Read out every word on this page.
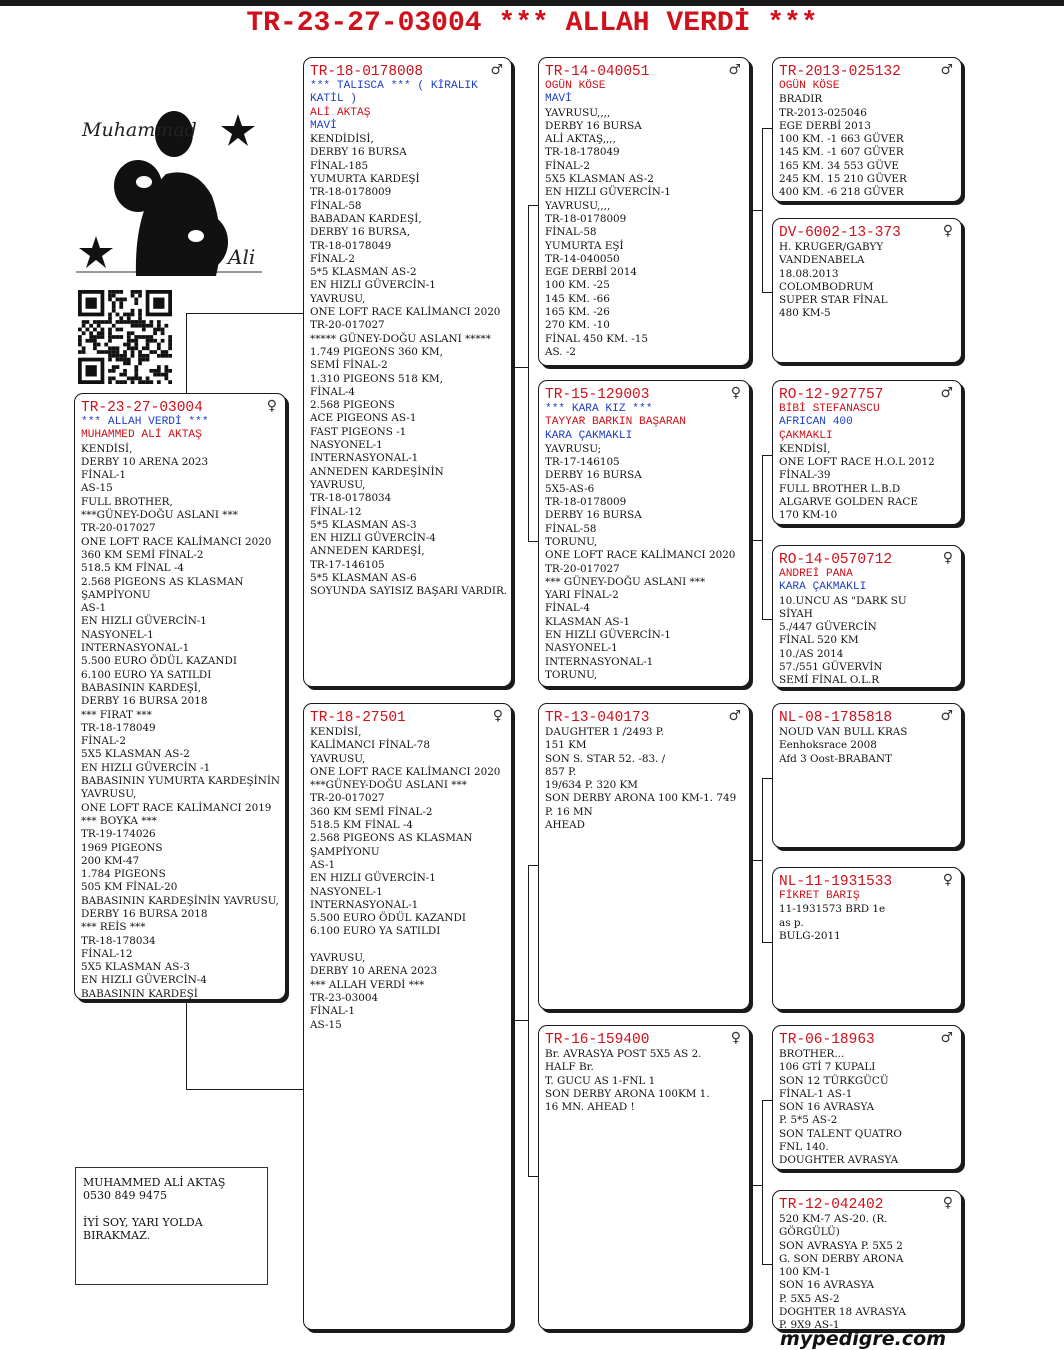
TR-23-27-03004 *** ALLAH VERDİ ***
Muhammad
Ali
TR-23-27-03004	♀
*** ALLAH VERDİ ***
MUHAMMED ALİ AKTAŞ
KENDİSİ,
DERBY 10 ARENA 2023
FİNAL-1
AS-15
FULL BROTHER,
***GÜNEY-DOĞU ASLANI ***
TR-20-017027
ONE LOFT RACE KALİMANCI 2020
360 KM SEMİ FİNAL-2
518.5 KM FİNAL -4
2.568 PIGEONS AS KLASMAN
ŞAMPİYONU
AS-1
EN HIZLI GÜVERCİN-1
NASYONEL-1
INTERNASYONAL-1
5.500 EURO ÖDÜL KAZANDI
6.100 EURO YA SATILDI
BABASININ KARDEŞİ,
DERBY 16 BURSA 2018
*** FIRAT ***
TR-18-178049
FİNAL-2
5X5 KLASMAN AS-2
EN HIZLI GÜVERCİN -1
BABASININ YUMURTA KARDEŞİNİN
YAVRUSU,
ONE LOFT RACE KALİMANCI 2019
*** BOYKA ***
TR-19-174026
1969 PIGEONS
200 KM-47
1.784 PIGEONS
505 KM FİNAL-20
BABASININ KARDEŞİNİN YAVRUSU,
DERBY 16 BURSA 2018
*** REİS ***
TR-18-178034
FİNAL-12
5X5 KLASMAN AS-3
EN HIZLI GÜVERCİN-4
BABASININ KARDEŞİ
TR-18-0178008	♂
*** TALISCA *** ( KİRALIK
KATİL )
ALİ AKTAŞ
MAVİ
KENDİDİSİ,
DERBY 16 BURSA
FİNAL-185
YUMURTA KARDEŞİ
TR-18-0178009
FİNAL-58
BABADAN KARDEŞİ,
DERBY 16 BURSA,
TR-18-0178049
FİNAL-2
5*5 KLASMAN AS-2
EN HIZLI GÜVERCİN-1
YAVRUSU,
ONE LOFT RACE KALİMANCI 2020
TR-20-017027
***** GÜNEY-DOĞU ASLANI *****
1.749 PIGEONS 360 KM,
SEMİ FİNAL-2
1.310 PIGEONS 518 KM,
FİNAL-4
2.568 PIGEONS
ACE PIGEONS AS-1
FAST PIGEONS -1
NASYONEL-1
INTERNASYONAL-1
ANNEDEN KARDEŞİNİN
YAVRUSU,
TR-18-0178034
FİNAL-12
5*5 KLASMAN AS-3
EN HIZLI GÜVERCİN-4
ANNEDEN KARDEŞİ,
TR-17-146105
5*5 KLASMAN AS-6
SOYUNDA SAYISIZ BAŞARI VARDIR.
TR-18-27501	♀
KENDİSİ,
KALİMANCI FİNAL-78
YAVRUSU,
ONE LOFT RACE KALİMANCI 2020
***GÜNEY-DOĞU ASLANI ***
TR-20-017027
360 KM SEMİ FİNAL-2
518.5 KM FİNAL -4
2.568 PIGEONS AS KLASMAN
ŞAMPİYONU
AS-1
EN HIZLI GÜVERCİN-1
NASYONEL-1
INTERNASYONAL-1
5.500 EURO ÖDÜL KAZANDI
6.100 EURO YA SATILDI

YAVRUSU,
DERBY 10 ARENA 2023
*** ALLAH VERDİ ***
TR-23-03004
FİNAL-1
AS-15
TR-14-040051	♂
OGÜN KÖSE
MAVİ
YAVRUSU,,,,
DERBY 16 BURSA
ALİ AKTAŞ,,,,
TR-18-178049
FİNAL-2
5X5 KLASMAN AS-2
EN HIZLI GÜVERCİN-1
YAVRUSU,,,,
TR-18-0178009
FİNAL-58
YUMURTA EŞİ
TR-14-040050
EGE DERBİ 2014
100 KM. -25
145 KM. -66
165 KM. -26
270 KM. -10
FİNAL 450 KM. -15
AS. -2
TR-15-129003	♀
*** KARA KIZ ***
TAYYAR BARKIN BAŞARAN
KARA ÇAKMAKLI
YAVRUSU;
TR-17-146105
DERBY 16 BURSA
5X5-AS-6
TR-18-0178009
DERBY 16 BURSA
FİNAL-58
TORUNU,
ONE LOFT RACE KALİMANCI 2020
TR-20-017027
*** GÜNEY-DOĞU ASLANI ***
YARI FİNAL-2
FİNAL-4
KLASMAN AS-1
EN HIZLI GÜVERCİN-1
NASYONEL-1
INTERNASYONAL-1
TORUNU,
TR-13-040173	♂
DAUGHTER 1 /2493 P.
151 KM
SON S. STAR 52. -83. /
857 P.
19/634 P. 320 KM
SON DERBY ARONA 100 KM-1. 749
P. 16 MN
AHEAD
TR-16-159400	♀
Br. AVRASYA POST 5X5 AS 2.
HALF Br.
T. GUCU AS 1-FNL 1
SON DERBY ARONA 100KM 1.
16 MN. AHEAD !
TR-2013-025132	♂
OGÜN KÖSE
BRADIR
TR-2013-025046
EGE DERBİ 2013
100 KM. -1 663 GÜVER
145 KM. -1 607 GÜVER
165 KM. 34 553 GÜVE
245 KM. 15 210 GÜVER
400 KM. -6 218 GÜVER
DV-6002-13-373	♀
H. KRUGER/GABYY
VANDENABELA
18.08.2013
COLOMBODRUM
SUPER STAR FİNAL
480 KM-5
RO-12-927757	♂
BİBİ STEFANASCU
AFRICAN 400
ÇAKMAKLI
KENDİSİ,
ONE LOFT RACE H.O.L 2012
FİNAL-39
FULL BROTHER L.B.D
ALGARVE GOLDEN RACE
170 KM-10
RO-14-0570712	♀
ANDREİ PANA
KARA ÇAKMAKLI
10.UNCU AS "DARK SU
SİYAH
5./447 GÜVERCİN
FİNAL 520 KM
10./AS 2014
57./551 GÜVERVİN
SEMİ FİNAL O.L.R
NL-08-1785818	♂
NOUD VAN BULL KRAS
Eenhoksrace 2008
Afd 3 Oost-BRABANT
NL-11-1931533	♀
FİKRET BARIŞ
11-1931573 BRD 1e
as p.
BULG-2011
TR-06-18963	♂
BROTHER...
106 GTİ 7 KUPALI
SON 12 TÜRKGÜCÜ
FİNAL-1 AS-1
SON 16 AVRASYA
P. 5*5 AS-2
SON TALENT QUATRO
FNL 140.
DOUGHTER AVRASYA
TR-12-042402	♀
520 KM-7 AS-20. (R.
GÖRGÜLÜ)
SON AVRASYA P. 5X5 2
G. SON DERBY ARONA
100 KM-1
SON 16 AVRASYA
P. 5X5 AS-2
DOGHTER 18 AVRASYA
P. 9X9 AS-1
MUHAMMED ALİ AKTAŞ
0530 849 9475
İYİ SOY, YARI YOLDA
BIRAKMAZ.
mypedigre.com
